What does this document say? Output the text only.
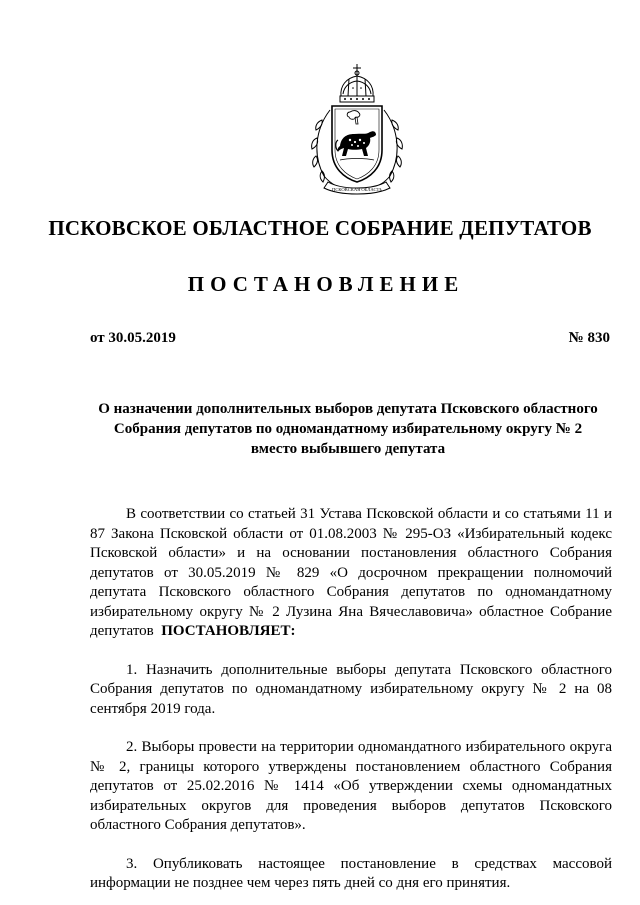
ПСКОВСКАЯ ОБЛАСТЬ
ПСКОВСКОЕ ОБЛАСТНОЕ СОБРАНИЕ ДЕПУТАТОВ
ПОСТАНОВЛЕНИЕ
от 30.05.2019	№ 830
О назначении дополнительных выборов депутата Псковского областного
Собрания депутатов по одномандатному избирательному округу № 2
вместо выбывшего депутата

В соответствии со статьей 31 Устава Псковской области и со статьями 11 и 87 Закона Псковской области от 01.08.2003 № 295-ОЗ «Избирательный кодекс Псковской области» и на основании постановления областного Собрания депутатов от 30.05.2019 № 829 «О досрочном прекращении полномочий депутата Псковского областного Собрания депутатов по одномандатному избирательному округу № 2 Лузина Яна Вячеславовича» областное Собрание депутатов ПОСТАНОВЛЯЕТ:

1. Назначить дополнительные выборы депутата Псковского областного Собрания депутатов по одномандатному избирательному округу № 2 на 08 сентября 2019 года.

2. Выборы провести на территории одномандатного избирательного округа № 2, границы которого утверждены постановлением областного Собрания депутатов от 25.02.2016 № 1414 «Об утверждении схемы одномандатных избирательных округов для проведения выборов депутатов Псковского областного Собрания депутатов».

3. Опубликовать настоящее постановление в средствах массовой информации не позднее чем через пять дней со дня его принятия.
